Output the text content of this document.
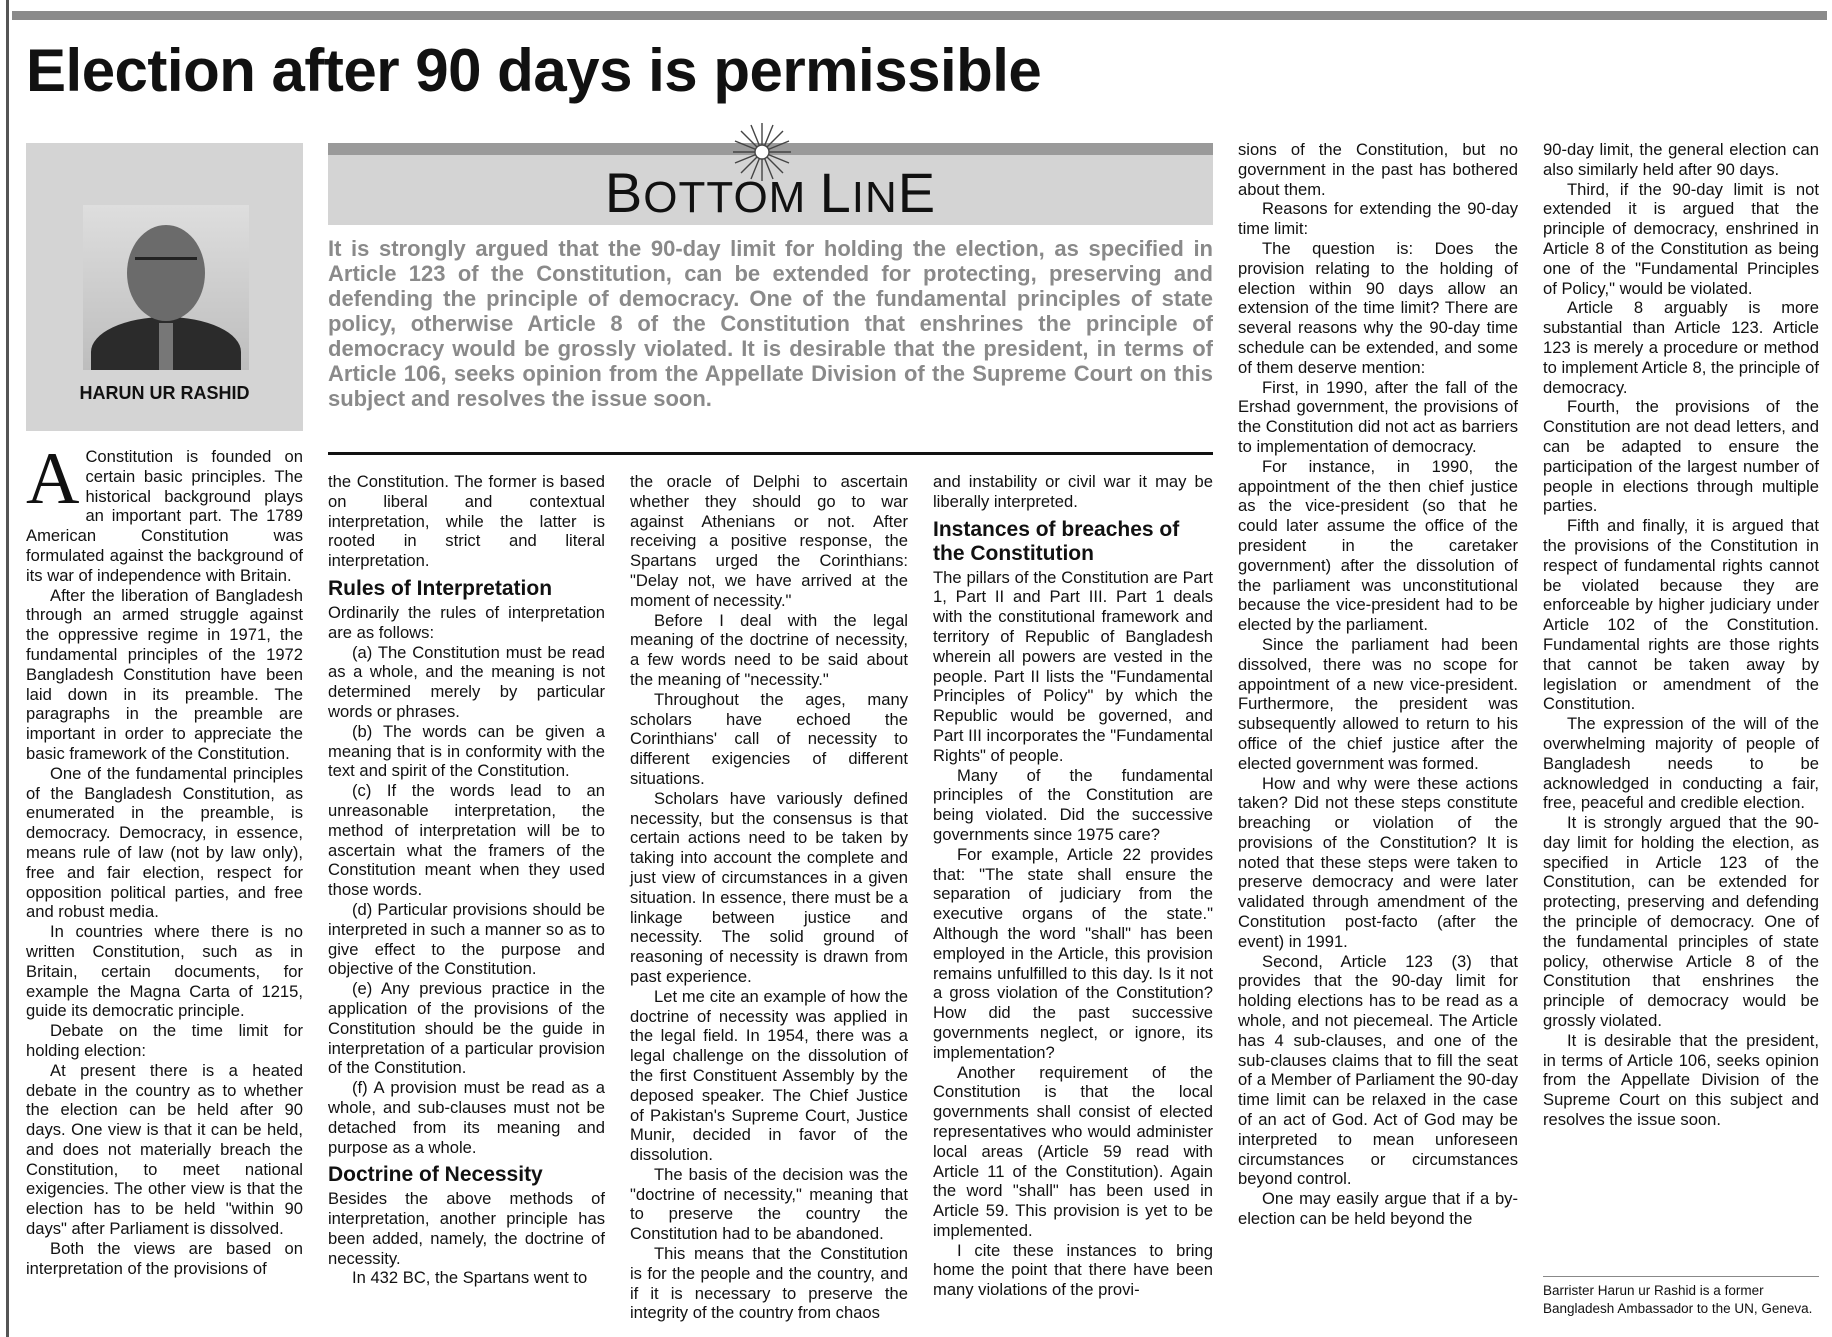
Election after 90 days is permissible
HARUN UR RASHID
BOTTOM LINE

It is strongly argued that the 90-day limit for holding the election, as specified in Article 123 of the Constitution, can be extended for protecting, preserving and defending the principle of democracy. One of the fundamental principles of state policy, otherwise Article 8 of the Constitution that enshrines the principle of democracy would be grossly violated. It is desirable that the president, in terms of Article 106, seeks opinion from the Appellate Division of the Supreme Court on this subject and resolves the issue soon.

A Constitution is founded on certain basic principles. The historical background plays an important part. The 1789 American Constitution was formulated against the background of its war of independence with Britain.

After the liberation of Bangladesh through an armed struggle against the oppressive regime in 1971, the fundamental principles of the 1972 Bangladesh Constitution have been laid down in its preamble. The paragraphs in the preamble are important in order to appreciate the basic framework of the Constitution.

One of the fundamental principles of the Bangladesh Constitution, as enumerated in the preamble, is democracy. Democracy, in essence, means rule of law (not by law only), free and fair election, respect for opposition political parties, and free and robust media.

In countries where there is no written Constitution, such as in Britain, certain documents, for example the Magna Carta of 1215, guide its democratic principle.

Debate on the time limit for holding election:

At present there is a heated debate in the country as to whether the election can be held after 90 days. One view is that it can be held, and does not materially breach the Constitution, to meet national exigencies. The other view is that the election has to be held "within 90 days" after Parliament is dissolved.

Both the views are based on interpretation of the provisions of

the Constitution. The former is based on liberal and contextual interpretation, while the latter is rooted in strict and literal interpretation.

Rules of Interpretation

Ordinarily the rules of interpretation are as follows:

(a) The Constitution must be read as a whole, and the meaning is not determined merely by particular words or phrases.

(b) The words can be given a meaning that is in conformity with the text and spirit of the Constitution.

(c) If the words lead to an unreasonable interpretation, the method of interpretation will be to ascertain what the framers of the Constitution meant when they used those words.

(d) Particular provisions should be interpreted in such a manner so as to give effect to the purpose and objective of the Constitution.

(e) Any previous practice in the application of the provisions of the Constitution should be the guide in interpretation of a particular provision of the Constitution.

(f) A provision must be read as a whole, and sub-clauses must not be detached from its meaning and purpose as a whole.

Doctrine of Necessity

Besides the above methods of interpretation, another principle has been added, namely, the doctrine of necessity.

In 432 BC, the Spartans went to

the oracle of Delphi to ascertain whether they should go to war against Athenians or not. After receiving a positive response, the Spartans urged the Corinthians: "Delay not, we have arrived at the moment of necessity."

Before I deal with the legal meaning of the doctrine of necessity, a few words need to be said about the meaning of "necessity."

Throughout the ages, many scholars have echoed the Corinthians' call of necessity to different exigencies of different situations.

Scholars have variously defined necessity, but the consensus is that certain actions need to be taken by taking into account the complete and just view of circumstances in a given situation. In essence, there must be a linkage between justice and necessity. The solid ground of reasoning of necessity is drawn from past experience.

Let me cite an example of how the doctrine of necessity was applied in the legal field. In 1954, there was a legal challenge on the dissolution of the first Constituent Assembly by the deposed speaker. The Chief Justice of Pakistan's Supreme Court, Justice Munir, decided in favor of the dissolution.

The basis of the decision was the "doctrine of necessity," meaning that to preserve the country the Constitution had to be abandoned.

This means that the Constitution is for the people and the country, and if it is necessary to preserve the integrity of the country from chaos

and instability or civil war it may be liberally interpreted.

Instances of breaches of the Constitution

The pillars of the Constitution are Part 1, Part II and Part III. Part 1 deals with the constitutional framework and territory of Republic of Bangladesh wherein all powers are vested in the people. Part II lists the "Fundamental Principles of Policy" by which the Republic would be governed, and Part III incorporates the "Fundamental Rights" of people.

Many of the fundamental principles of the Constitution are being violated. Did the successive governments since 1975 care?

For example, Article 22 provides that: "The state shall ensure the separation of judiciary from the executive organs of the state." Although the word "shall" has been employed in the Article, this provision remains unfulfilled to this day. Is it not a gross violation of the Constitution? How did the past successive governments neglect, or ignore, its implementation?

Another requirement of the Constitution is that the local governments shall consist of elected representatives who would administer local areas (Article 59 read with Article 11 of the Constitution). Again the word "shall" has been used in Article 59. This provision is yet to be implemented.

I cite these instances to bring home the point that there have been many violations of the provi-

sions of the Constitution, but no government in the past has bothered about them.

Reasons for extending the 90-day time limit:

The question is: Does the provision relating to the holding of election within 90 days allow an extension of the time limit? There are several reasons why the 90-day time schedule can be extended, and some of them deserve mention:

First, in 1990, after the fall of the Ershad government, the provisions of the Constitution did not act as barriers to implementation of democracy.

For instance, in 1990, the appointment of the then chief justice as the vice-president (so that he could later assume the office of the president in the caretaker government) after the dissolution of the parliament was unconstitutional because the vice-president had to be elected by the parliament.

Since the parliament had been dissolved, there was no scope for appointment of a new vice-president. Furthermore, the president was subsequently allowed to return to his office of the chief justice after the elected government was formed.

How and why were these actions taken? Did not these steps constitute breaching or violation of the provisions of the Constitution? It is noted that these steps were taken to preserve democracy and were later validated through amendment of the Constitution post-facto (after the event) in 1991.

Second, Article 123 (3) that provides that the 90-day limit for holding elections has to be read as a whole, and not piecemeal. The Article has 4 sub-clauses, and one of the sub-clauses claims that to fill the seat of a Member of Parliament the 90-day time limit can be relaxed in the case of an act of God. Act of God may be interpreted to mean unforeseen circumstances or circumstances beyond control.

One may easily argue that if a by-election can be held beyond the

90-day limit, the general election can also similarly held after 90 days.

Third, if the 90-day limit is not extended it is argued that the principle of democracy, enshrined in Article 8 of the Constitution as being one of the "Fundamental Principles of Policy," would be violated.

Article 8 arguably is more substantial than Article 123. Article 123 is merely a procedure or method to implement Article 8, the principle of democracy.

Fourth, the provisions of the Constitution are not dead letters, and can be adapted to ensure the participation of the largest number of people in elections through multiple parties.

Fifth and finally, it is argued that the provisions of the Constitution in respect of fundamental rights cannot be violated because they are enforceable by higher judiciary under Article 102 of the Constitution. Fundamental rights are those rights that cannot be taken away by legislation or amendment of the Constitution.

The expression of the will of the overwhelming majority of people of Bangladesh needs to be acknowledged in conducting a fair, free, peaceful and credible election.

It is strongly argued that the 90-day limit for holding the election, as specified in Article 123 of the Constitution, can be extended for protecting, preserving and defending the principle of democracy. One of the fundamental principles of state policy, otherwise Article 8 of the Constitution that enshrines the principle of democracy would be grossly violated.

It is desirable that the president, in terms of Article 106, seeks opinion from the Appellate Division of the Supreme Court on this subject and resolves the issue soon.

Barrister Harun ur Rashid is a former Bangladesh Ambassador to the UN, Geneva.
